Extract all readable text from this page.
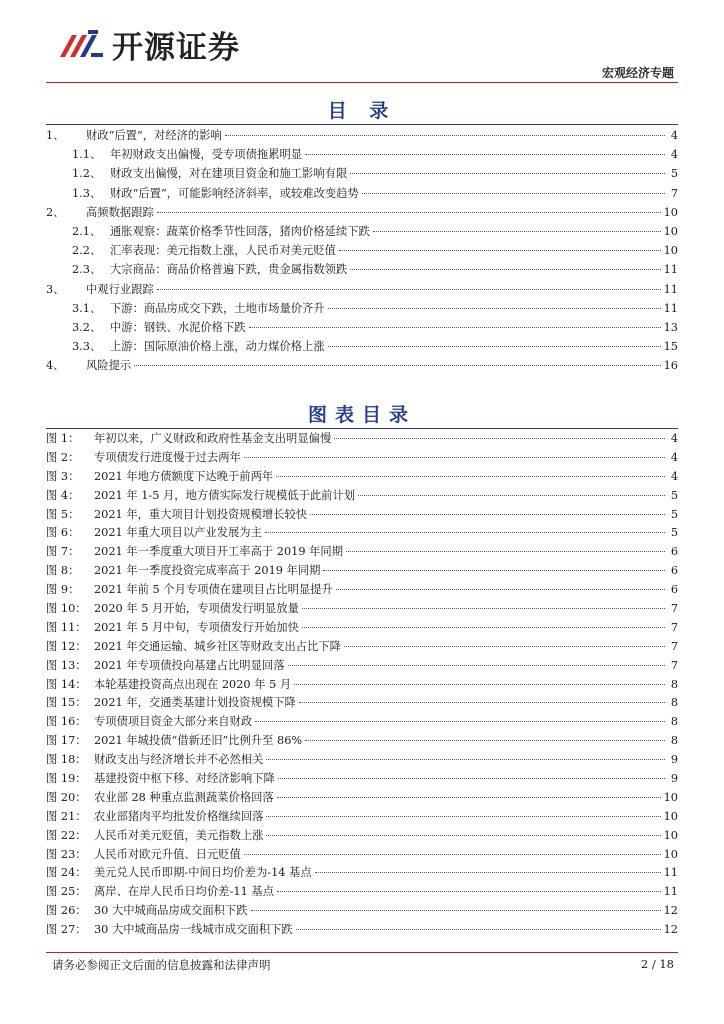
开源证券
宏观经济专题
目 录
1、	财政“后置”，对经济的影响	4
1.1、 年初财政支出偏慢，受专项债拖累明显	4
1.2、 财政支出偏慢，对在建项目资金和施工影响有限	5
1.3、 财政“后置”，可能影响经济斜率，或较难改变趋势	7
2、	高频数据跟踪	10
2.1、 通胀观察：蔬菜价格季节性回落，猪肉价格延续下跌	10
2.2、 汇率表现：美元指数上涨，人民币对美元贬值	10
2.3、 大宗商品：商品价格普遍下跌，贵金属指数领跌	11
3、	中观行业跟踪	11
3.1、 下游：商品房成交下跌，土地市场量价齐升	11
3.2、 中游：钢铁、水泥价格下跌	13
3.3、 上游：国际原油价格上涨，动力煤价格上涨	15
4、	风险提示	16
图表目录
图 1：	年初以来，广义财政和政府性基金支出明显偏慢	4
图 2：	专项债发行进度慢于过去两年	4
图 3：	2021 年地方债额度下达晚于前两年	4
图 4：	2021 年 1-5 月，地方债实际发行规模低于此前计划	5
图 5：	2021 年，重大项目计划投资规模增长较快	5
图 6：	2021 年重大项目以产业发展为主	5
图 7：	2021 年一季度重大项目开工率高于 2019 年同期	6
图 8：	2021 年一季度投资完成率高于 2019 年同期	6
图 9：	2021 年前 5 个月专项债在建项目占比明显提升	6
图 10： 2020 年 5 月开始，专项债发行明显放量	7
图 11： 2021 年 5 月中旬，专项债发行开始加快	7
图 12： 2021 年交通运输、城乡社区等财政支出占比下降	7
图 13： 2021 年专项债投向基建占比明显回落	7
图 14： 本轮基建投资高点出现在 2020 年 5 月	8
图 15： 2021 年，交通类基建计划投资规模下降	8
图 16： 专项债项目资金大部分来自财政	8
图 17： 2021 年城投债“借新还旧”比例升至 86%	8
图 18： 财政支出与经济增长并不必然相关	9
图 19： 基建投资中枢下移、对经济影响下降	9
图 20： 农业部 28 种重点监测蔬菜价格回落	10
图 21： 农业部猪肉平均批发价格继续回落	10
图 22： 人民币对美元贬值，美元指数上涨	10
图 23： 人民币对欧元升值、日元贬值	10
图 24： 美元兑人民币即期-中间日均价差为-14 基点	11
图 25： 离岸、在岸人民币日均价差-11 基点	11
图 26： 30 大中城商品房成交面积下跌	12
图 27： 30 大中城商品房一线城市成交面积下跌	12
请务必参阅正文后面的信息披露和法律声明	2 / 18
